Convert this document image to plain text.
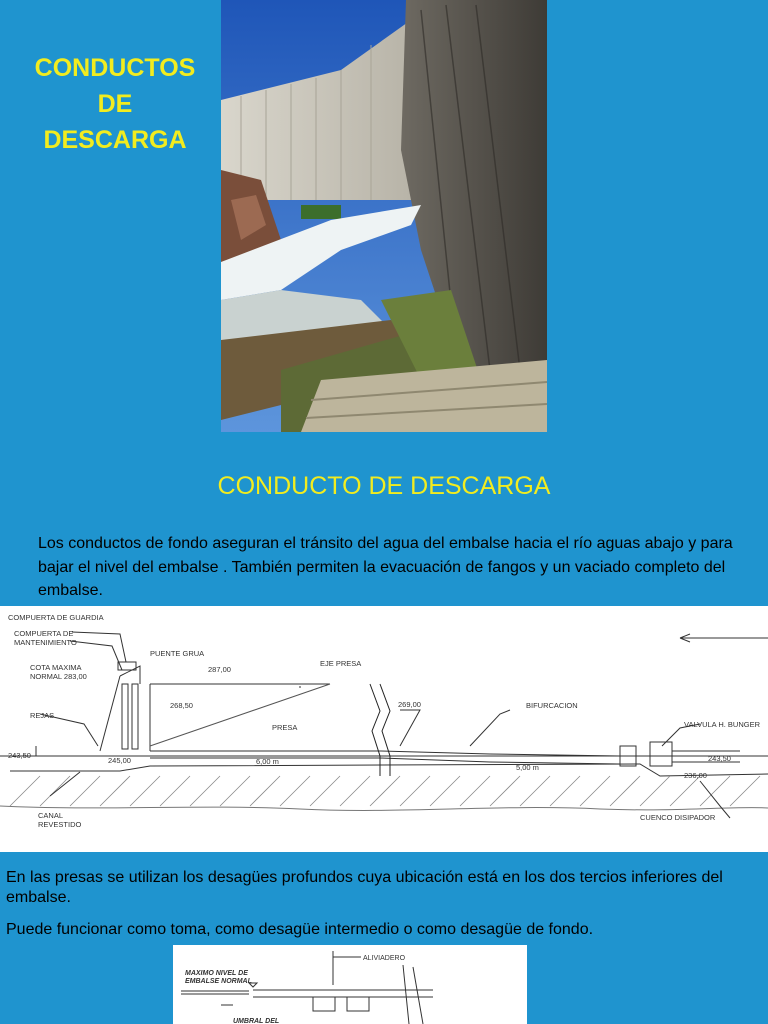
CONDUCTOS
DE
DESCARGA
CONDUCTO DE DESCARGA
Los conductos de fondo aseguran el tránsito del agua del embalse hacia el río aguas abajo y para bajar el nivel del embalse . También permiten la evacuación de fangos y un vaciado completo del embalse.
COMPUERTA DE GUARDIA
COMPUERTA DE
MANTENIMIENTO
COTA MAXIMA
NORMAL 283,00
PUENTE GRUA
EJE PRESA
287,00
268,50	269,00
PRESA
BIFURCACION
VALVULA H. BUNGER
REJAS
243,50
245,00	6,00 m
5,00 m
243,50
236,00
CANAL
REVESTIDO
CUENCO DISIPADOR

En las presas se utilizan los desagües profundos cuya ubicación está en los dos tercios inferiores del embalse.

Puede funcionar como toma, como desagüe intermedio o como desagüe de fondo.

ALIVIADERO
MAXIMO NIVEL DE
EMBALSE NORMAL
UMBRAL DEL
